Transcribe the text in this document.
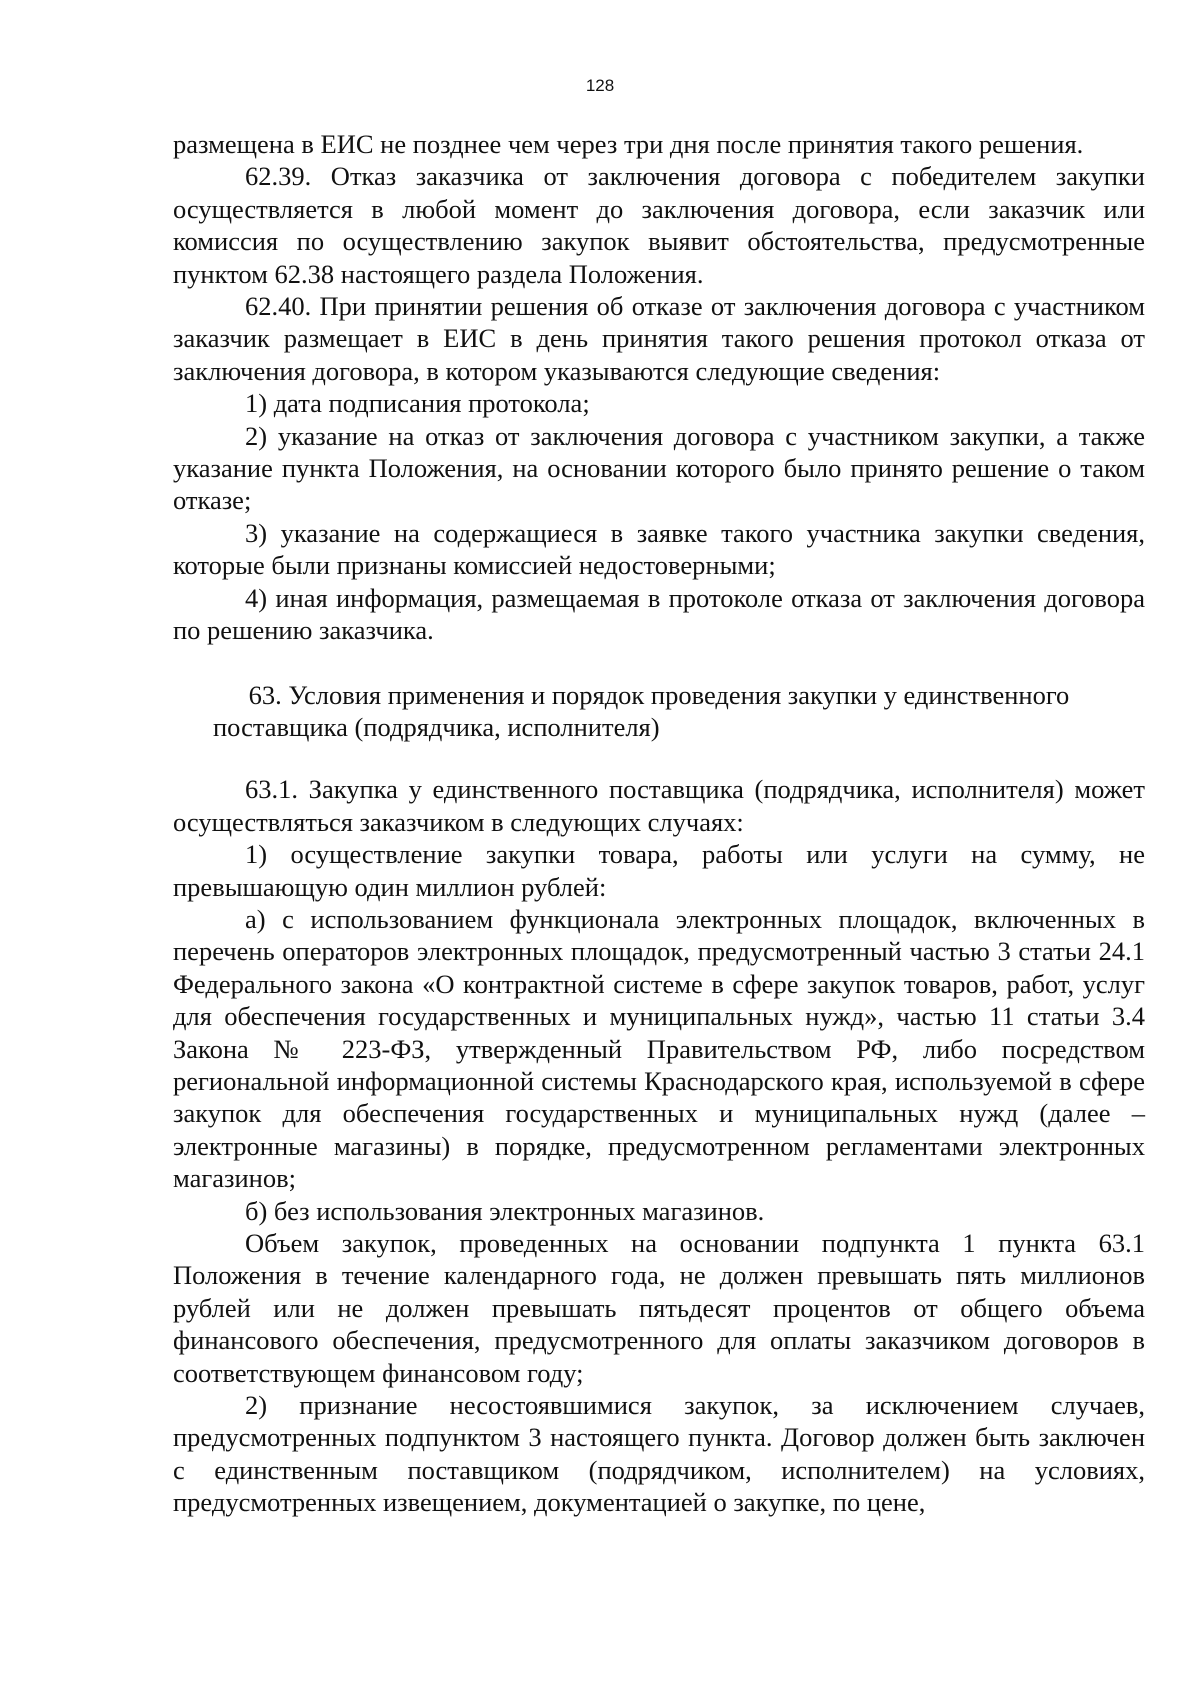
128

размещена в ЕИС не позднее чем через три дня после принятия такого решения.

62.39. Отказ заказчика от заключения договора с победителем закупки осуществляется в любой момент до заключения договора, если заказчик или комиссия по осуществлению закупок выявит обстоятельства, предусмотренные пунктом 62.38 настоящего раздела Положения.

62.40. При принятии решения об отказе от заключения договора с участником заказчик размещает в ЕИС в день принятия такого решения протокол отказа от заключения договора, в котором указываются следующие сведения:

1) дата подписания протокола;

2) указание на отказ от заключения договора с участником закупки, а также указание пункта Положения, на основании которого было принято решение о таком отказе;

3) указание на содержащиеся в заявке такого участника закупки сведения, которые были признаны комиссией недостоверными;

4) иная информация, размещаемая в протоколе отказа от заключения договора по решению заказчика.

63. Условия применения и порядок проведения закупки у единственного поставщика (подрядчика, исполнителя)

63.1. Закупка у единственного поставщика (подрядчика, исполнителя) может осуществляться заказчиком в следующих случаях:

1) осуществление закупки товара, работы или услуги на сумму, не превышающую один миллион рублей:

а) с использованием функционала электронных площадок, включенных в перечень операторов электронных площадок, предусмотренный частью 3 статьи 24.1 Федерального закона «О контрактной системе в сфере закупок товаров, работ, услуг для обеспечения государственных и муниципальных нужд», частью 11 статьи 3.4 Закона № 223-ФЗ, утвержденный Правительством РФ, либо посредством региональной информационной системы Краснодарского края, используемой в сфере закупок для обеспечения государственных и муниципальных нужд (далее – электронные магазины) в порядке, предусмотренном регламентами электронных магазинов;

б) без использования электронных магазинов.

Объем закупок, проведенных на основании подпункта 1 пункта 63.1 Положения в течение календарного года, не должен превышать пять миллионов рублей или не должен превышать пятьдесят процентов от общего объема финансового обеспечения, предусмотренного для оплаты заказчиком договоров в соответствующем финансовом году;

2) признание несостоявшимися закупок, за исключением случаев, предусмотренных подпунктом 3 настоящего пункта. Договор должен быть заключен с единственным поставщиком (подрядчиком, исполнителем) на условиях, предусмотренных извещением, документацией о закупке, по цене,
